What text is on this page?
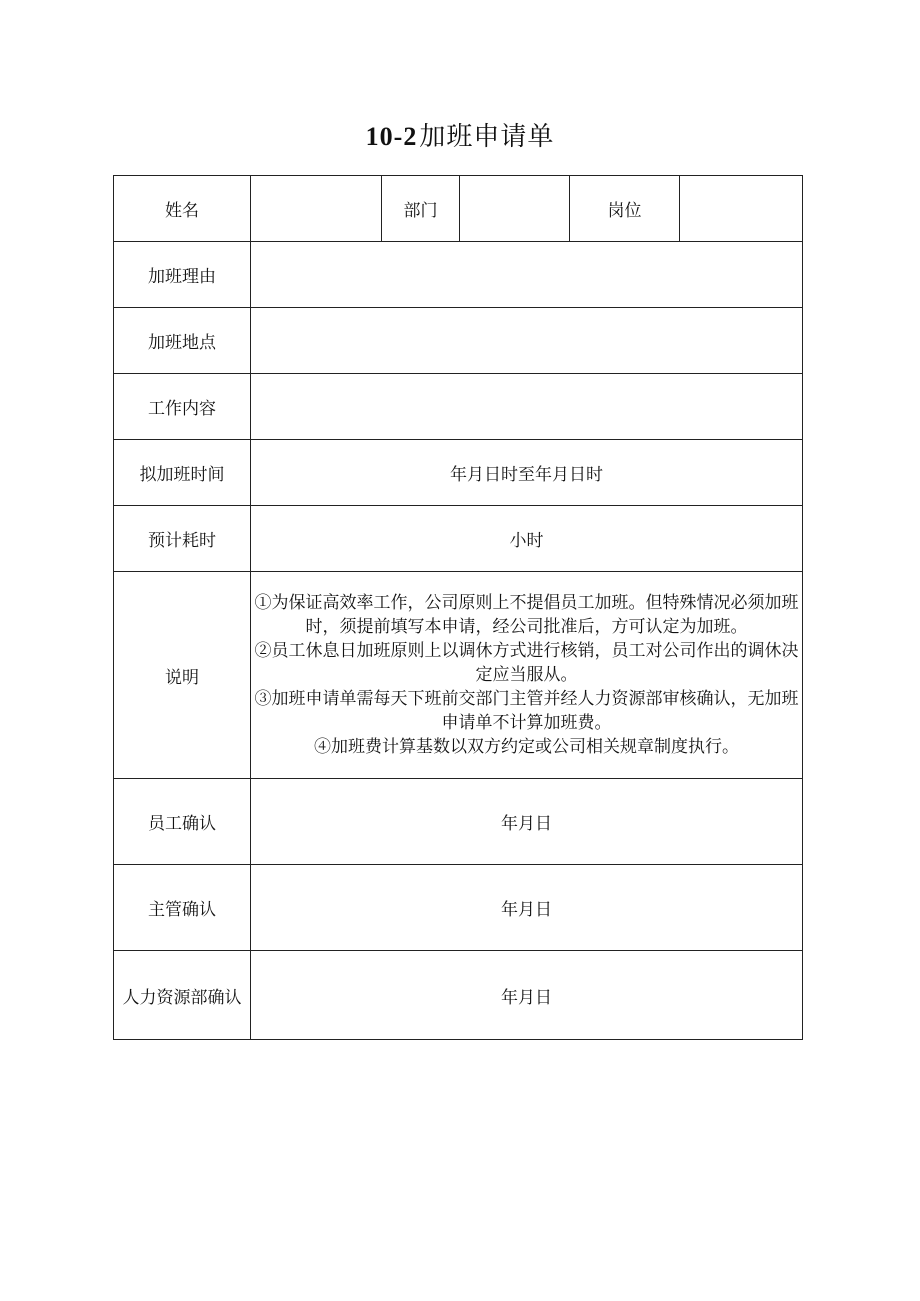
10-2加班申请单
姓名		部门		岗位	
加班理由					
加班地点					
工作内容					
拟加班时间	年月日时至年月日时				
预计耗时	小时				
说明	①为保证高效率工作，公司原则上不提倡员工加班。但特殊情况必须加班时，须提前填写本申请，经公司批准后，方可认定为加班。

②员工休息日加班原则上以调休方式进行核销，员工对公司作出的调休决定应当服从。

③加班申请单需每天下班前交部门主管并经人力资源部审核确认，无加班申请单不计算加班费。

④加班费计算基数以双方约定或公司相关规章制度执行。				

员工确认	年月日				
主管确认	年月日				
人力资源部确认	年月日				
